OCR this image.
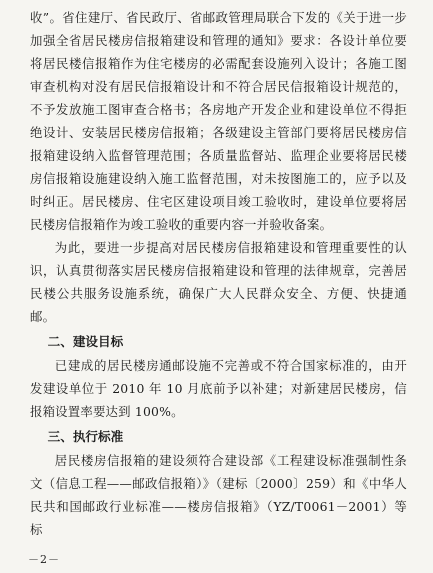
收”。省住建厅、省民政厅、省邮政管理局联合下发的《关于进一步加强全省居民楼房信报箱建设和管理的通知》要求：各设计单位要将居民楼信报箱作为住宅楼房的必需配套设施列入设计；各施工图审查机构对没有居民信报箱设计和不符合居民信报箱设计规范的，不予发放施工图审查合格书；各房地产开发企业和建设单位不得拒绝设计、安装居民楼房信报箱；各级建设主管部门要将居民楼房信报箱建设纳入监督管理范围；各质量监督站、监理企业要将居民楼房信报箱设施建设纳入施工监督范围，对未按图施工的，应予以及时纠正。居民楼房、住宅区建设项目竣工验收时，建设单位要将居民楼房信报箱作为竣工验收的重要内容一并验收备案。

为此，要进一步提高对居民楼房信报箱建设和管理重要性的认识，认真贯彻落实居民楼房信报箱建设和管理的法律规章，完善居民楼公共服务设施系统，确保广大人民群众安全、方便、快捷通邮。

二、建设目标

已建成的居民楼房通邮设施不完善或不符合国家标准的，由开发建设单位于 2010 年 10 月底前予以补建；对新建居民楼房，信报箱设置率要达到 100%。

三、执行标准

居民楼房信报箱的建设须符合建设部《工程建设标准强制性条文（信息工程——邮政信报箱）》（建标〔2000〕259）和《中华人民共和国邮政行业标准——楼房信报箱》（YZ/T0061－2001）等标

－2－
